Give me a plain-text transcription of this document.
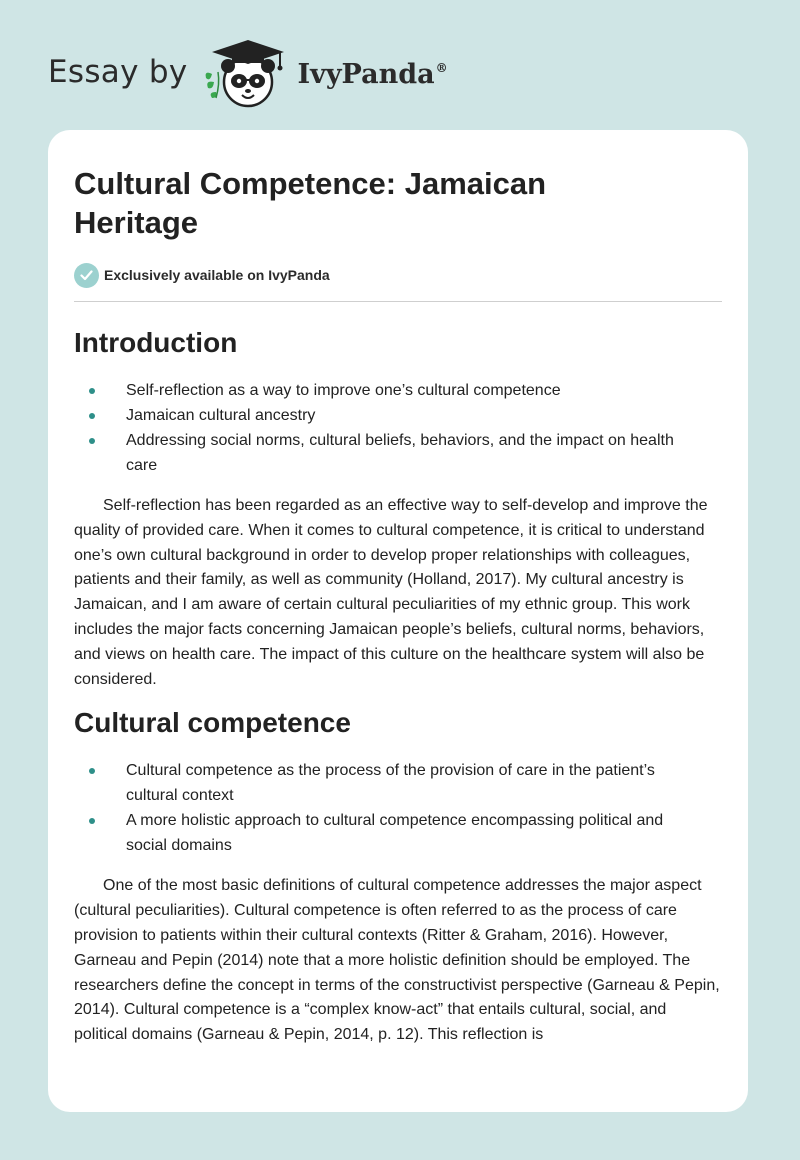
Essay by	IvyPanda®
Cultural Competence: Jamaican Heritage
Exclusively available on IvyPanda
Introduction
Self-reflection as a way to improve one’s cultural competence
Jamaican cultural ancestry
Addressing social norms, cultural beliefs, behaviors, and the impact on health care

Self-reflection has been regarded as an effective way to self-develop and improve the quality of provided care. When it comes to cultural competence, it is critical to understand one’s own cultural background in order to develop proper relationships with colleagues, patients and their family, as well as community (Holland, 2017). My cultural ancestry is Jamaican, and I am aware of certain cultural peculiarities of my ethnic group. This work includes the major facts concerning Jamaican people’s beliefs, cultural norms, behaviors, and views on health care. The impact of this culture on the healthcare system will also be considered.

Cultural competence
Cultural competence as the process of the provision of care in the patient’s cultural context
A more holistic approach to cultural competence encompassing political and social domains

One of the most basic definitions of cultural competence addresses the major aspect (cultural peculiarities). Cultural competence is often referred to as the process of care provision to patients within their cultural contexts (Ritter & Graham, 2016). However, Garneau and Pepin (2014) note that a more holistic definition should be employed. The researchers define the concept in terms of the constructivist perspective (Garneau & Pepin, 2014). Cultural competence is a “complex know-act” that entails cultural, social, and political domains (Garneau & Pepin, 2014, p. 12). This reflection is
